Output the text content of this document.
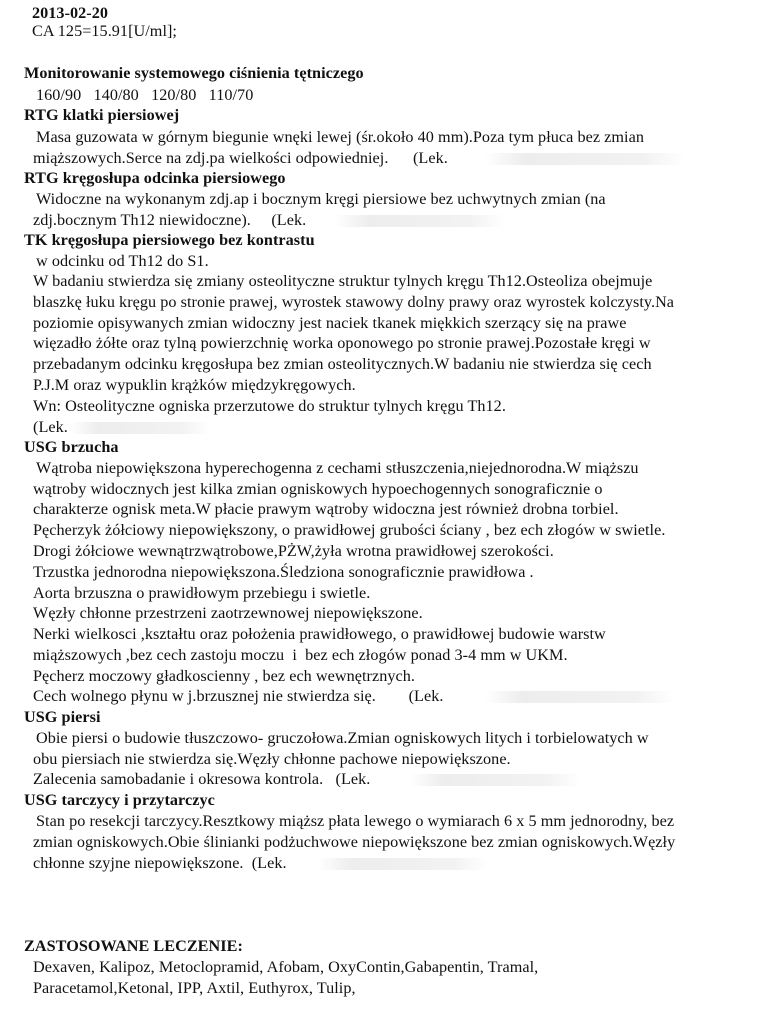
2013-02-20
CA 125=15.91[U/ml];
Monitorowanie systemowego ciśnienia tętniczego
160/90   140/80   120/80   110/70
RTG klatki piersiowej
Masa guzowata w górnym biegunie wnęki lewej (śr.około 40 mm).Poza tym płuca bez zmian
miąższowych.Serce na zdj.pa wielkości odpowiedniej.      (Lek.
RTG kręgosłupa odcinka piersiowego
Widoczne na wykonanym zdj.ap i bocznym kręgi piersiowe bez uchwytnych zmian (na
zdj.bocznym Th12 niewidoczne).     (Lek.
TK kręgosłupa piersiowego bez kontrastu
w odcinku od Th12 do S1.
W badaniu stwierdza się zmiany osteolityczne struktur tylnych kręgu Th12.Osteoliza obejmuje
blaszkę łuku kręgu po stronie prawej, wyrostek stawowy dolny prawy oraz wyrostek kolczysty.Na
poziomie opisywanych zmian widoczny jest naciek tkanek miękkich szerzący się na prawe
więzadło żółte oraz tylną powierzchnię worka oponowego po stronie prawej.Pozostałe kręgi w
przebadanym odcinku kręgosłupa bez zmian osteolitycznych.W badaniu nie stwierdza się cech
P.J.M oraz wypuklin krążków międzykręgowych.
Wn: Osteolityczne ogniska przerzutowe do struktur tylnych kręgu Th12.
(Lek.
USG brzucha
Wątroba niepowiększona hyperechogenna z cechami stłuszczenia,niejednorodna.W miąższu
wątroby widocznych jest kilka zmian ogniskowych hypoechogennych sonograficznie o
charakterze ognisk meta.W płacie prawym wątroby widoczna jest również drobna torbiel.
Pęcherzyk żółciowy niepowiększony, o prawidłowej grubości ściany , bez ech złogów w swietle.
Drogi żółciowe wewnątrzwątrobowe,PŻW,żyła wrotna prawidłowej szerokości.
Trzustka jednorodna niepowiększona.Śledziona sonograficznie prawidłowa .
Aorta brzuszna o prawidłowym przebiegu i swietle.
Węzły chłonne przestrzeni zaotrzewnowej niepowiększone.
Nerki wielkosci ,kształtu oraz położenia prawidłowego, o prawidłowej budowie warstw
miąższowych ,bez cech zastoju moczu  i  bez ech złogów ponad 3-4 mm w UKM.
Pęcherz moczowy gładkoscienny , bez ech wewnętrznych.
Cech wolnego płynu w j.brzusznej nie stwierdza się.        (Lek.
USG piersi
Obie piersi o budowie tłuszczowo- gruczołowa.Zmian ogniskowych litych i torbielowatych w
obu piersiach nie stwierdza się.Węzły chłonne pachowe niepowiększone.
Zalecenia samobadanie i okresowa kontrola.   (Lek.
USG tarczycy i przytarczyc
Stan po resekcji tarczycy.Resztkowy miąższ płata lewego o wymiarach 6 x 5 mm jednorodny, bez
zmian ogniskowych.Obie ślinianki podżuchwowe niepowiększone bez zmian ogniskowych.Węzły
chłonne szyjne niepowiększone.  (Lek.
ZASTOSOWANE LECZENIE:
Dexaven, Kalipoz, Metoclopramid, Afobam, OxyContin,Gabapentin, Tramal,
Paracetamol,Ketonal, IPP, Axtil, Euthyrox, Tulip,
